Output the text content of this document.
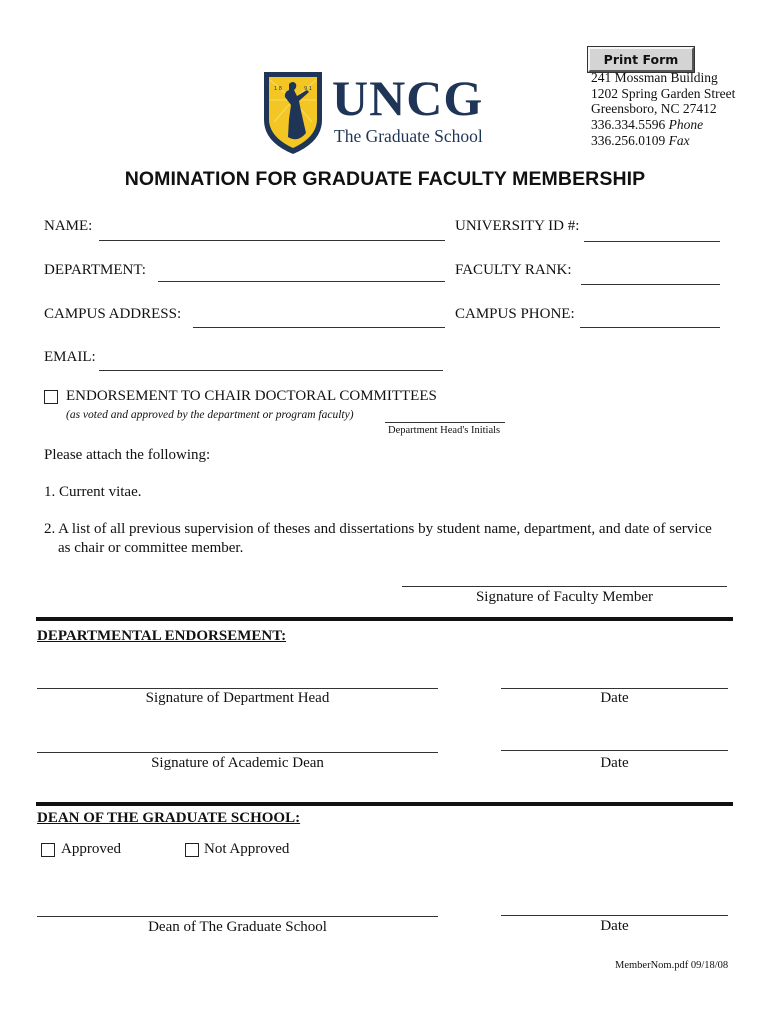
1 8	9 1 UNCG
The Graduate School
Print Form
241 Mossman Building
1202 Spring Garden Street
Greensboro, NC 27412
336.334.5596 Phone
336.256.0109 Fax
NOMINATION FOR GRADUATE FACULTY MEMBERSHIP
NAME:	UNIVERSITY ID #:
DEPARTMENT:	FACULTY RANK:
CAMPUS ADDRESS:	CAMPUS PHONE:
EMAIL:
ENDORSEMENT TO CHAIR DOCTORAL COMMITTEES
(as voted and approved by the department or program faculty)
Department Head's Initials
Please attach the following:
1. Current vitae.
2. A list of all previous supervision of theses and dissertations by student name, department, and date of service
as chair or committee member.
Signature of Faculty Member
DEPARTMENTAL ENDORSEMENT:
Signature of Department Head	Date
Signature of Academic Dean	Date
DEAN OF THE GRADUATE SCHOOL:
Approved	Not Approved
Dean of The Graduate School	Date
MemberNom.pdf 09/18/08
